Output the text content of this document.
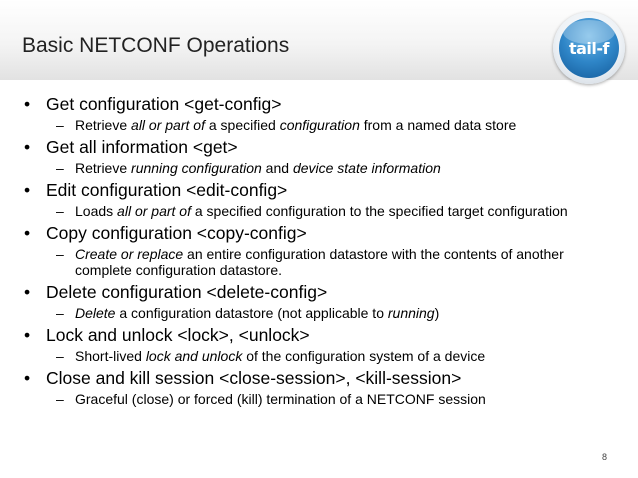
Basic NETCONF Operations	tail-f
• Get configuration <get-config>
– Retrieve all or part of a specified configuration from a named data store
• Get all information <get>
– Retrieve running configuration and device state information
• Edit configuration <edit-config>
– Loads all or part of a specified configuration to the specified target configuration
• Copy configuration <copy-config>
– Create or replace an entire configuration datastore with the contents of another complete configuration datastore.
• Delete configuration <delete-config>
– Delete a configuration datastore (not applicable to running)
• Lock and unlock <lock>, <unlock>
– Short-lived lock and unlock of the configuration system of a device
• Close and kill session <close-session>, <kill-session>
– Graceful (close) or forced (kill) termination of a NETCONF session
8
